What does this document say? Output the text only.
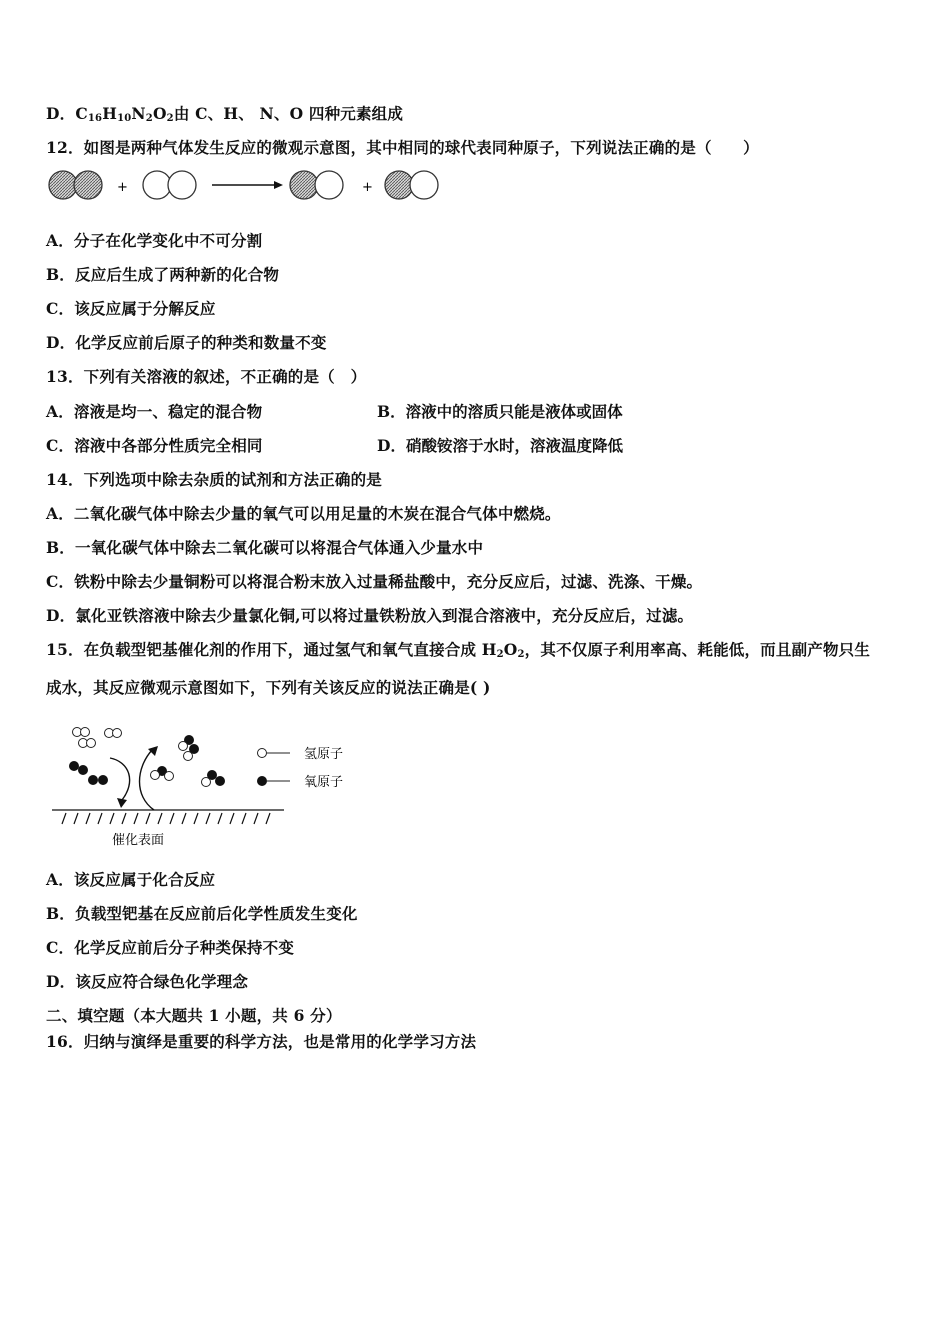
D．$C_{16}H_{10}N_2O_2$由 C、H、 N、O 四种元素组成
12．如图是两种气体发生反应的微观示意图，其中相同的球代表同种原子，下列说法正确的是（　　）
+	+
A．分子在化学变化中不可分割
B．反应后生成了两种新的化合物
C．该反应属于分解反应
D．化学反应前后原子的种类和数量不变
13．下列有关溶液的叙述，不正确的是（　）
A．溶液是均一、稳定的混合物	B．溶液中的溶质只能是液体或固体
C．溶液中各部分性质完全相同	D．硝酸铵溶于水时，溶液温度降低
14．下列选项中除去杂质的试剂和方法正确的是
A．二氧化碳气体中除去少量的氧气可以用足量的木炭在混合气体中燃烧。
B．一氧化碳气体中除去二氧化碳可以将混合气体通入少量水中
C．铁粉中除去少量铜粉可以将混合粉末放入过量稀盐酸中，充分反应后，过滤、洗涤、干燥。
D．氯化亚铁溶液中除去少量氯化铜,可以将过量铁粉放入到混合溶液中，充分反应后，过滤。
15．在负载型钯基催化剂的作用下，通过氢气和氧气直接合成 $H_2O_2$，其不仅原子利用率高、耗能低，而且副产物只生
成水，其反应微观示意图如下，下列有关该反应的说法正确是( )
氢原子
氧原子
催化表面
A．该反应属于化合反应
B．负载型钯基在反应前后化学性质发生变化
C．化学反应前后分子种类保持不变
D．该反应符合绿色化学理念
二、填空题（本大题共 1 小题，共 6 分）
16．归纳与演绎是重要的科学方法，也是常用的化学学习方法
